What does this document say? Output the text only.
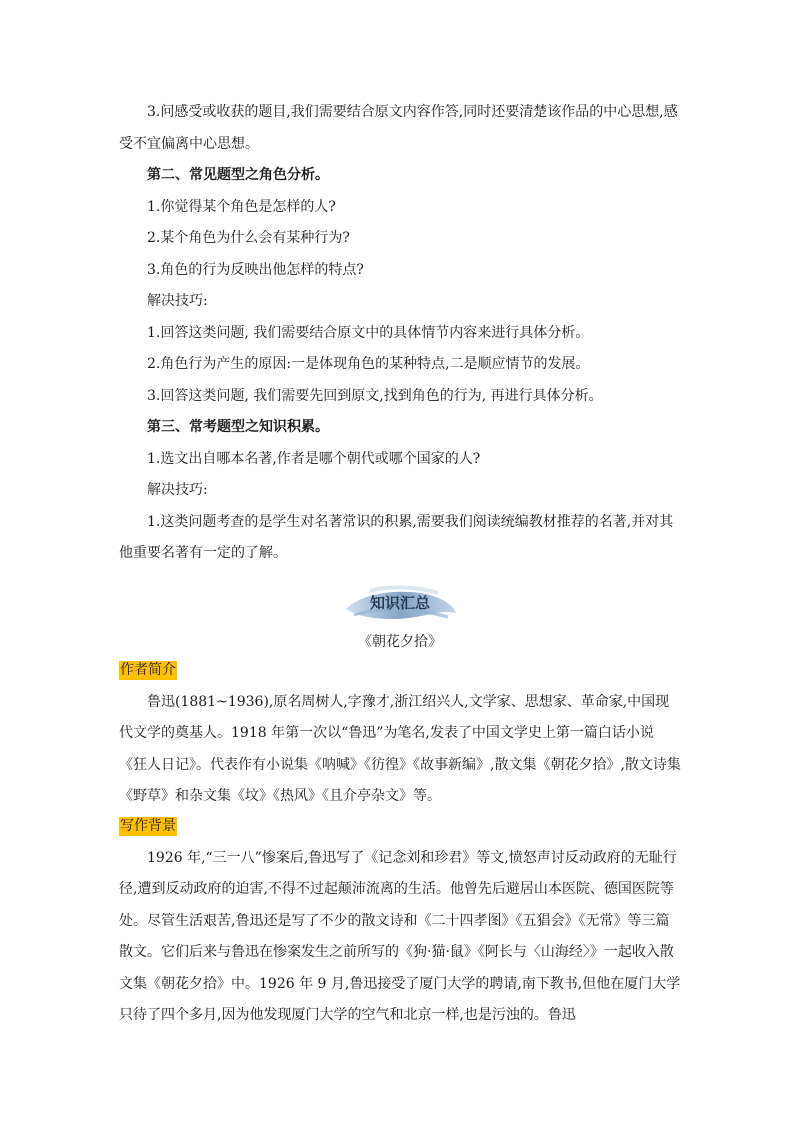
3.问感受或收获的题目,我们需要结合原文内容作答,同时还要清楚该作品的中心思想,感受不宜偏离中心思想。

第二、常见题型之角色分析。

1.你觉得某个角色是怎样的人?

2.某个角色为什么会有某种行为?

3.角色的行为反映出他怎样的特点?

解决技巧:

1.回答这类问题, 我们需要结合原文中的具体情节内容来进行具体分析。

2.角色行为产生的原因:一是体现角色的某种特点,二是顺应情节的发展。

3.回答这类问题, 我们需要先回到原文,找到角色的行为, 再进行具体分析。

第三、常考题型之知识积累。

1.选文出自哪本名著,作者是哪个朝代或哪个国家的人?

解决技巧:

1.这类问题考查的是学生对名著常识的积累,需要我们阅读统编教材推荐的名著,并对其他重要名著有一定的了解。

知识汇总

《朝花夕拾》

作者简介

鲁迅(1881~1936),原名周树人,字豫才,浙江绍兴人,文学家、思想家、革命家,中国现代文学的奠基人。1918 年第一次以“鲁迅”为笔名,发表了中国文学史上第一篇白话小说《狂人日记》。代表作有小说集《呐喊》《彷徨》《故事新编》,散文集《朝花夕拾》,散文诗集《野草》和杂文集《坟》《热风》《且介亭杂文》等。

写作背景

1926 年,“三一八”惨案后,鲁迅写了《记念刘和珍君》等文,愤怒声讨反动政府的无耻行径,遭到反动政府的迫害,不得不过起颠沛流离的生活。他曾先后避居山本医院、德国医院等处。尽管生活艰苦,鲁迅还是写了不少的散文诗和《二十四孝图》《五猖会》《无常》等三篇散文。它们后来与鲁迅在惨案发生之前所写的《狗·猫·鼠》《阿长与〈山海经〉》一起收入散文集《朝花夕拾》中。1926 年 9 月,鲁迅接受了厦门大学的聘请,南下教书,但他在厦门大学只待了四个多月,因为他发现厦门大学的空气和北京一样,也是污浊的。鲁迅
